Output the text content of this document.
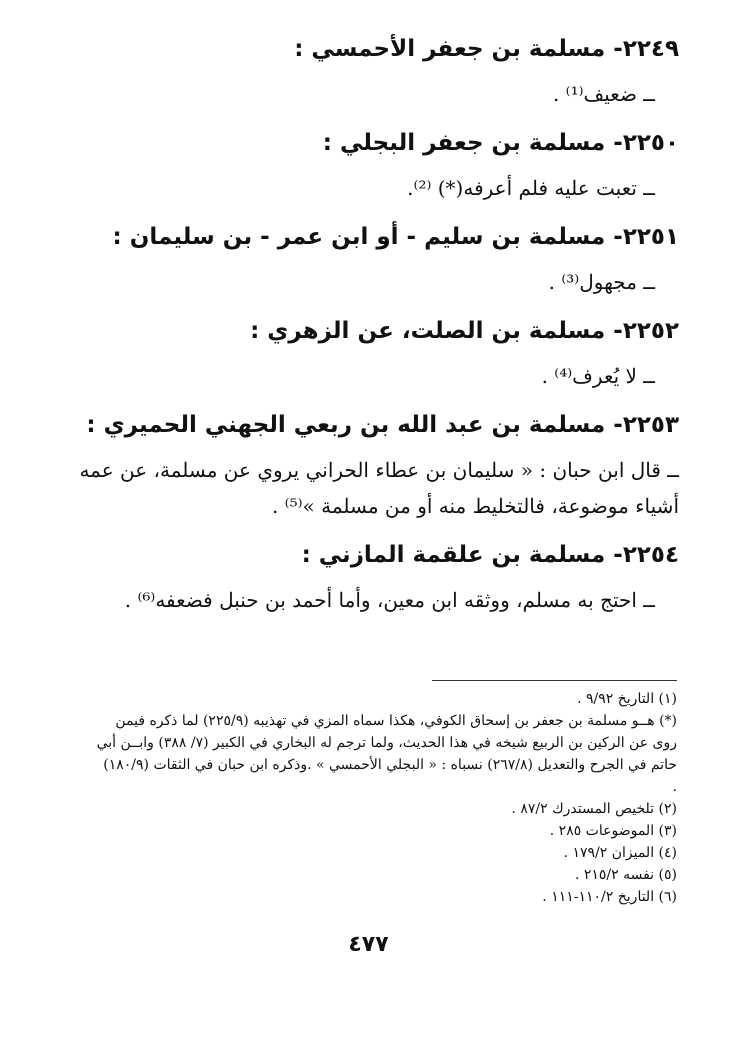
٢٢٤٩- مسلمة بن جعفر الأحمسي :

ــ ضعيف⁽¹⁾ .

٢٢٥٠- مسلمة بن جعفر البجلي :

ــ تعبت عليه فلم أعرفه(*) ⁽²⁾.

٢٢٥١- مسلمة بن سليم - أو ابن عمر - بن سليمان :

ــ مجهول⁽³⁾ .

٢٢٥٢- مسلمة بن الصلت، عن الزهري :

ــ لا يُعرف⁽⁴⁾ .

٢٢٥٣- مسلمة بن عبد الله بن ربعي الجهني الحميري :

ــ قال ابن حبان : « سليمان بن عطاء الحراني يروي عن مسلمة، عن عمه أشياء موضوعة، فالتخليط منه أو من مسلمة »⁽⁵⁾ .

٢٢٥٤- مسلمة بن علقمة المازني :

ــ احتج به مسلم، ووثقه ابن معين، وأما أحمد بن حنبل فضعفه⁽⁶⁾ .

(١) التاريخ ٩/٩٢ .

(*) هــو مسلمة بن جعفر بن إسحاق الكوفي، هكذا سماه المزي في تهذيبه (٢٢٥/٩) لما ذكره فيمن روى عن الركين بن الربيع شيخه في هذا الحديث، ولما ترجم له البخاري في الكبير (٧/ ٣٨٨) وابــن أبي حاتم في الجرح والتعديل (٢٦٧/٨) نسباه : « البجلي الأحمسي » .وذكره ابن حبان في الثقات (١٨٠/٩) .

(٢) تلخيص المستدرك ٨٧/٢ .

(٣) الموضوعات ٢٨٥ .

(٤) الميزان ١٧٩/٢ .

(٥) نفسه ٢١٥/٢ .

(٦) التاريخ ١١٠/٢-١١١ .

٤٧٧
